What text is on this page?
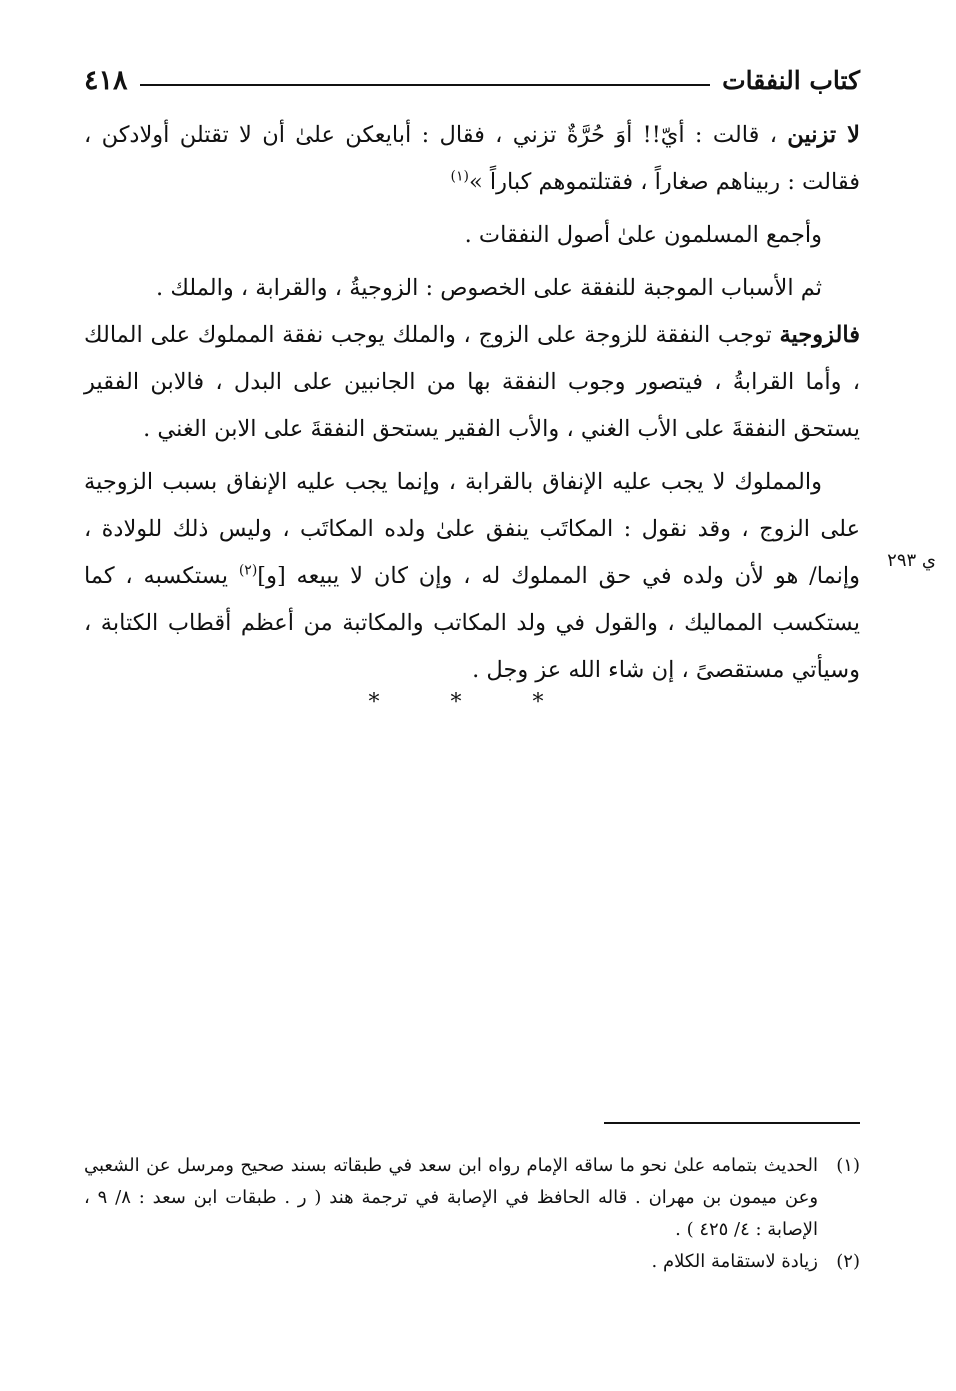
كتاب النفقات
٤١٨

لا تزنين ، قالت : أيّ!! أوَ حُرَّةٌ تزني ، فقال : أبايعكن علىٰ أن لا تقتلن أولادكن ، فقالت : ربيناهم صغاراً ، فقتلتموهم كباراً »$^{(١)}$

وأجمع المسلمون علىٰ أصول النفقات .

ثم الأسباب الموجبة للنفقة على الخصوص : الزوجيةُ ، والقرابة ، والملك .

فالزوجية توجب النفقة للزوجة على الزوج ، والملك يوجب نفقة المملوك على المالك ، وأما القرابةُ ، فيتصور وجوب النفقة بها من الجانبين على البدل ، فالابن الفقير يستحق النفقةَ على الأب الغني ، والأب الفقير يستحق النفقةَ على الابن الغني .

والمملوك لا يجب عليه الإنفاق بالقرابة ، وإنما يجب عليه الإنفاق بسبب الزوجية على الزوج ، وقد نقول : المكاتَب ينفق علىٰ ولده المكاتَب ، وليس ذلك للولادة ، وإنما/ هو لأن ولده في حق المملوك له ، وإن كان لا يبيعه [و]$^{(٢)}$ يستكسبه ، كما يستكسب المماليك ، والقول في ولد المكاتب والمكاتبة من أعظم أقطاب الكتابة ، وسيأتي مستقصىً ، إن شاء الله عز وجل .

ي ٢٩٣
* * *
(١)
الحديث بتمامه علىٰ نحو ما ساقه الإمام رواه ابن سعد في طبقاته بسند صحيح ومرسل عن الشعبي وعن ميمون بن مهران . قاله الحافظ في الإصابة في ترجمة هند ( ر . طبقات ابن سعد : ٨/ ٩ ، الإصابة : ٤/ ٤٢٥ ) .
(٢)
زيادة لاستقامة الكلام .
